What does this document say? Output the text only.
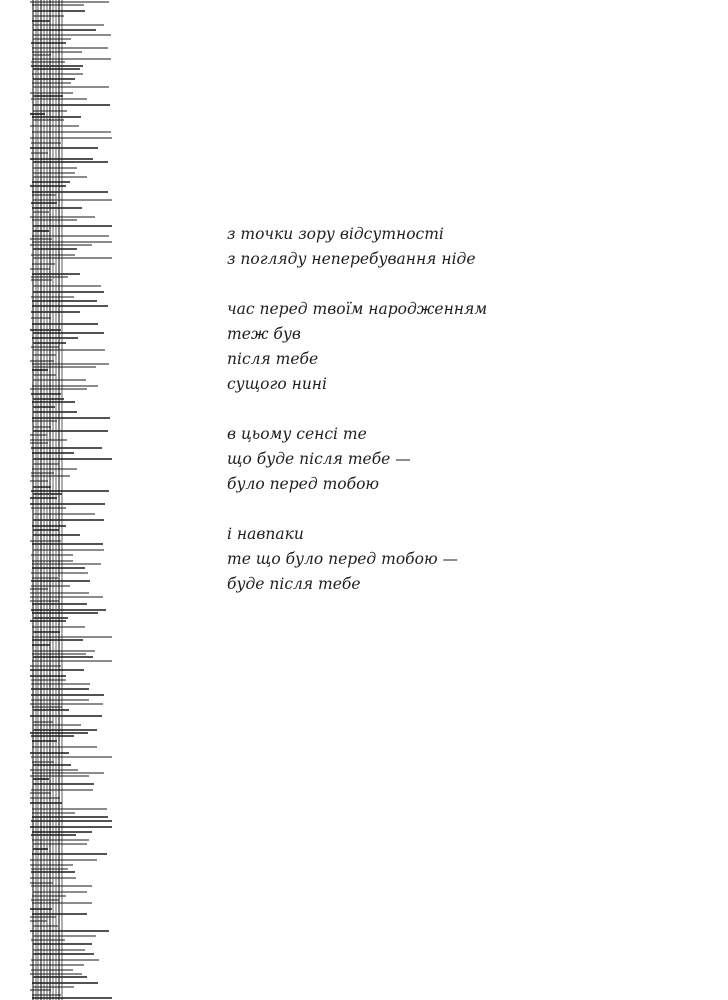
з точки зору відсутності
з погляду неперебування ніде
час перед твоїм народженням
теж був
після тебе
сущого нині
в цьому сенсі те
що буде після тебе —
було перед тобою
і навпаки
те що було перед тобою —
буде після тебе
